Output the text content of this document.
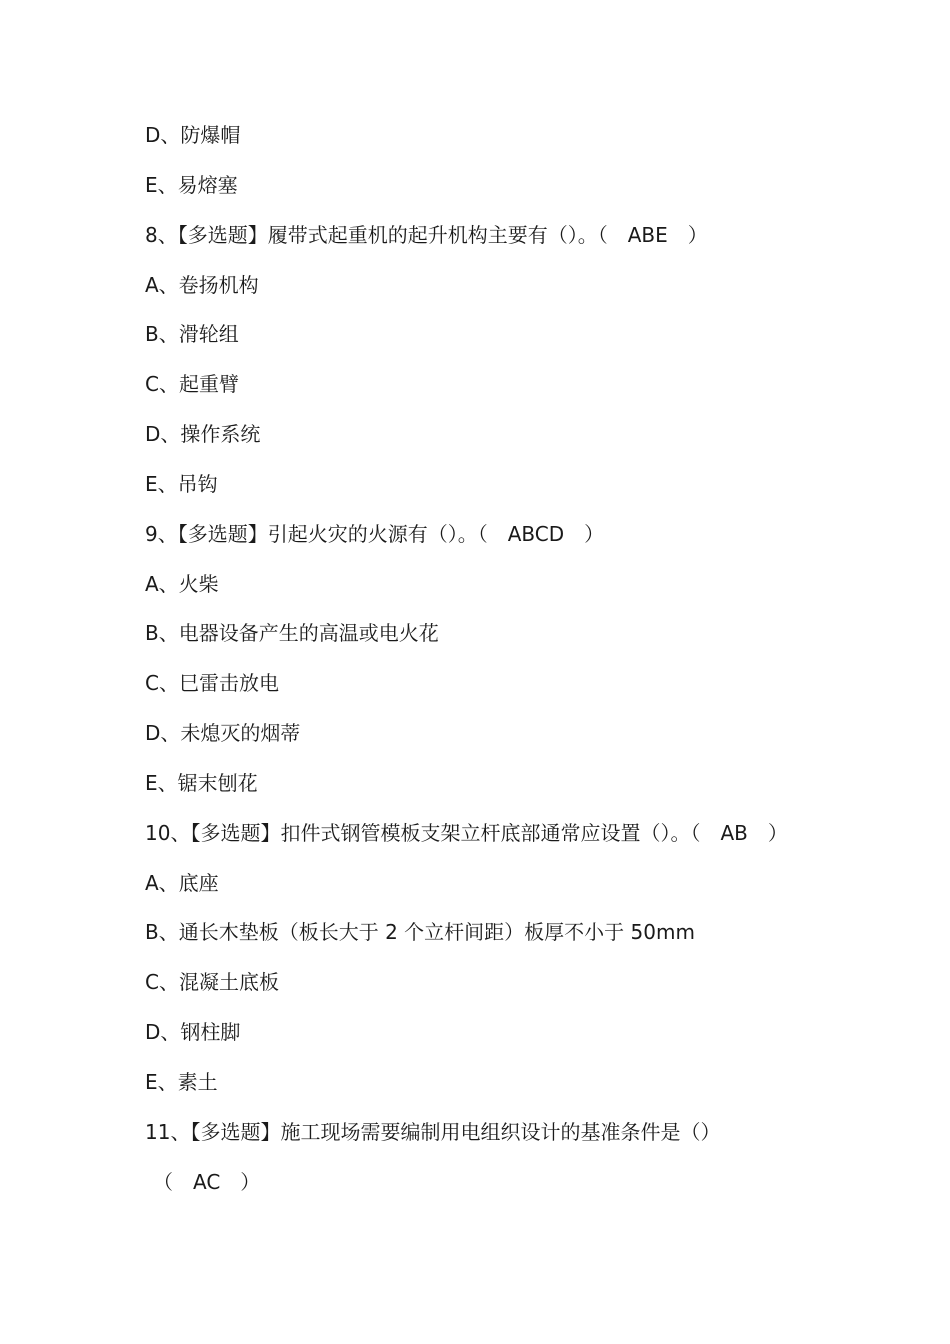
D、防爆帽
E、易熔塞
8、【多选题】履带式起重机的起升机构主要有（）。（　ABE　）
A、卷扬机构
B、滑轮组
C、起重臂
D、操作系统
E、吊钩
9、【多选题】引起火灾的火源有（）。（　ABCD　）
A、火柴
B、电器设备产生的高温或电火花
C、巳雷击放电
D、未熄灭的烟蒂
E、锯末刨花
10、【多选题】扣件式钢管模板支架立杆底部通常应设置（）。（　AB　）
A、底座
B、通长木垫板（板长大于 2 个立杆间距）板厚不小于 50mm
C、混凝土底板
D、钢柱脚
E、素土
11、【多选题】施工现场需要编制用电组织设计的基准条件是（）
（　AC　）
